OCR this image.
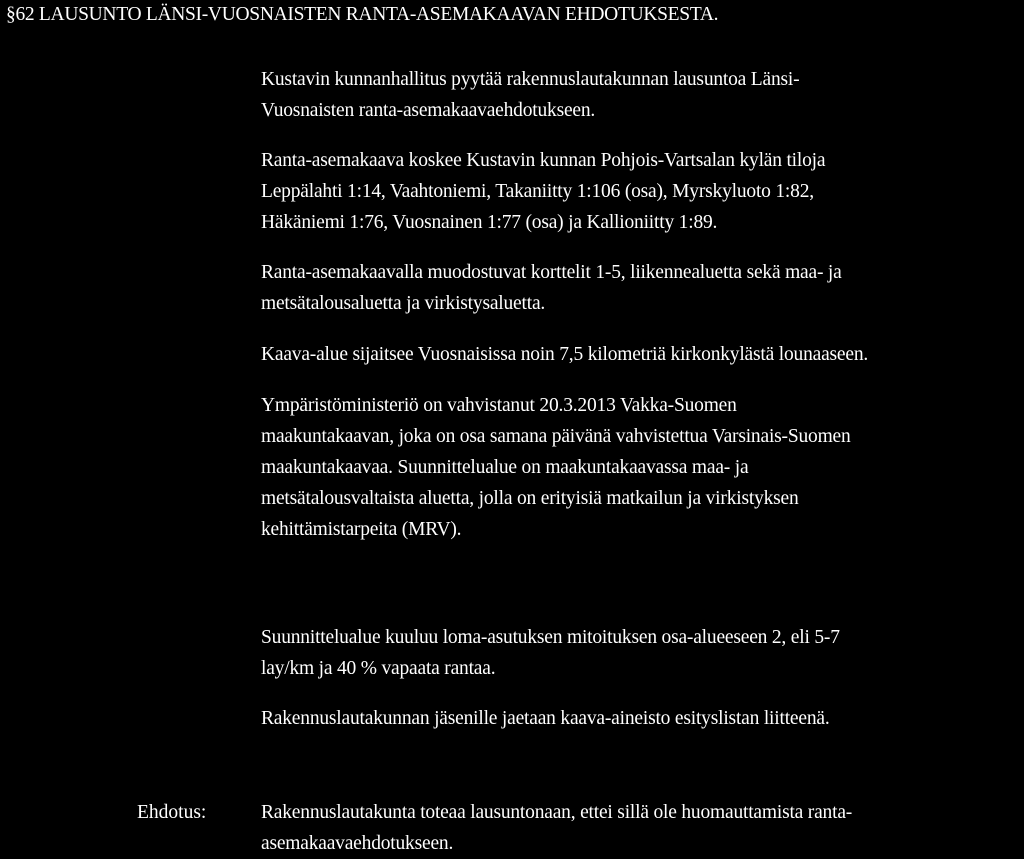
§62 LAUSUNTO LÄNSI-VUOSNAISTEN RANTA-ASEMAKAAVAN EHDOTUKSESTA.

Kustavin kunnanhallitus pyytää rakennuslautakunnan lausuntoa Länsi-
Vuosnaisten ranta-asemakaavaehdotukseen.

Ranta-asemakaava koskee Kustavin kunnan Pohjois-Vartsalan kylän tiloja
Leppälahti 1:14, Vaahtoniemi, Takaniitty 1:106 (osa), Myrskyluoto 1:82,
Häkäniemi 1:76, Vuosnainen 1:77 (osa) ja Kallioniitty 1:89.

Ranta-asemakaavalla muodostuvat korttelit 1-5, liikennealuetta sekä maa- ja
metsätalousaluetta ja virkistysaluetta.

Kaava-alue sijaitsee Vuosnaisissa noin 7,5 kilometriä kirkonkylästä lounaaseen.

Ympäristöministeriö on vahvistanut 20.3.2013 Vakka-Suomen
maakuntakaavan, joka on osa samana päivänä vahvistettua Varsinais-Suomen
maakuntakaavaa. Suunnittelualue on maakuntakaavassa maa- ja
metsätalousvaltaista aluetta, jolla on erityisiä matkailun ja virkistyksen
kehittämistarpeita (MRV).

Suunnittelualue kuuluu loma-asutuksen mitoituksen osa-alueeseen 2, eli 5-7
lay/km ja 40 % vapaata rantaa.

Rakennuslautakunnan jäsenille jaetaan kaava-aineisto esityslistan liitteenä.

Ehdotus:	Rakennuslautakunta toteaa lausuntonaan, ettei sillä ole huomauttamista ranta-
asemakaavaehdotukseen.
